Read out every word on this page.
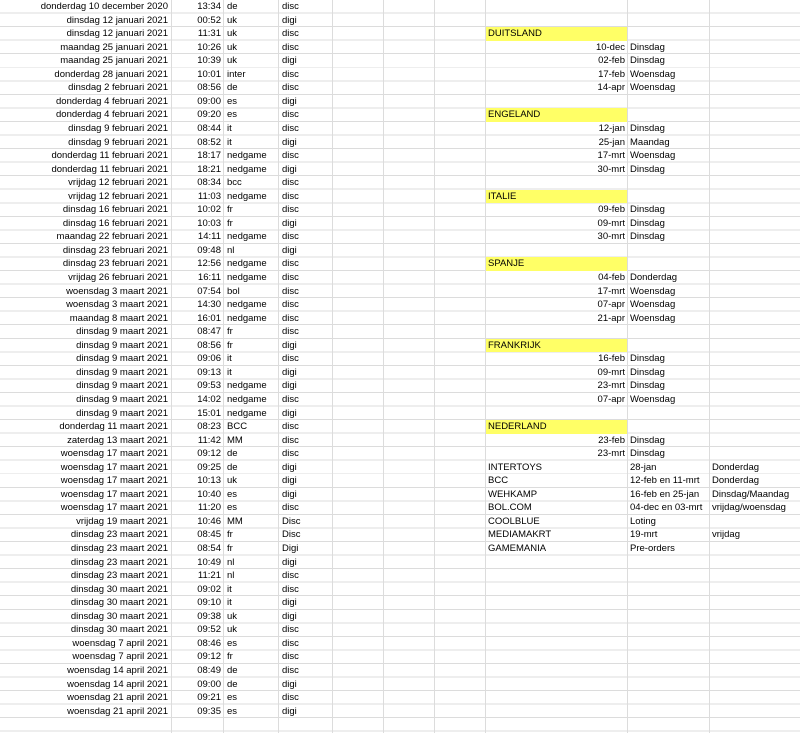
donderdag 10 december 2020	13:34 de	disc
dinsdag 12 januari 2021	00:52 uk	digi
dinsdag 12 januari 2021	11:31 uk	disc
maandag 25 januari 2021	10:26 uk	disc
maandag 25 januari 2021	10:39 uk	digi
donderdag 28 januari 2021	10:01 inter	disc
dinsdag 2 februari 2021	08:56 de	disc
donderdag 4 februari 2021	09:00 es	digi
donderdag 4 februari 2021	09:20 es	disc
dinsdag 9 februari 2021	08:44 it	disc
dinsdag 9 februari 2021	08:52 it	digi
donderdag 11 februari 2021	18:17 nedgame	disc
donderdag 11 februari 2021	18:21 nedgame	digi
vrijdag 12 februari 2021	08:34 bcc	disc
vrijdag 12 februari 2021	11:03 nedgame	disc
dinsdag 16 februari 2021	10:02 fr	disc
dinsdag 16 februari 2021	10:03 fr	digi
maandag 22 februari 2021	14:11 nedgame	disc
dinsdag 23 februari 2021	09:48 nl	digi
dinsdag 23 februari 2021	12:56 nedgame	disc
vrijdag 26 februari 2021	16:11 nedgame	disc
woensdag 3 maart 2021	07:54 bol	disc
woensdag 3 maart 2021	14:30 nedgame	disc
maandag 8 maart 2021	16:01 nedgame	disc
dinsdag 9 maart 2021	08:47 fr	disc
dinsdag 9 maart 2021	08:56 fr	digi
dinsdag 9 maart 2021	09:06 it	disc
dinsdag 9 maart 2021	09:13 it	digi
dinsdag 9 maart 2021	09:53 nedgame	digi
dinsdag 9 maart 2021	14:02 nedgame	disc
dinsdag 9 maart 2021	15:01 nedgame	digi
donderdag 11 maart 2021	08:23 BCC	disc
zaterdag 13 maart 2021	11:42 MM	disc
woensdag 17 maart 2021	09:12 de	disc
woensdag 17 maart 2021	09:25 de	digi
woensdag 17 maart 2021	10:13 uk	digi
woensdag 17 maart 2021	10:40 es	digi
woensdag 17 maart 2021	11:20 es	disc
vrijdag 19 maart 2021	10:46 MM	Disc
dinsdag 23 maart 2021	08:45 fr	Disc
dinsdag 23 maart 2021	08:54 fr	Digi
dinsdag 23 maart 2021	10:49 nl	digi
dinsdag 23 maart 2021	11:21 nl	disc
dinsdag 30 maart 2021	09:02 it	disc
dinsdag 30 maart 2021	09:10 it	digi
dinsdag 30 maart 2021	09:38 uk	digi
dinsdag 30 maart 2021	09:52 uk	disc
woensdag 7 april 2021	08:46 es	disc
woensdag 7 april 2021	09:12 fr	disc
woensdag 14 april 2021	08:49 de	disc
woensdag 14 april 2021	09:00 de	digi
woensdag 21 april 2021	09:21 es	disc
woensdag 21 april 2021	09:35 es	digi
DUITSLAND
10-dec Dinsdag
02-feb Dinsdag
17-feb Woensdag
14-apr Woensdag
ENGELAND
12-jan Dinsdag
25-jan Maandag
17-mrt Woensdag
30-mrt Dinsdag
ITALIE
09-feb Dinsdag
09-mrt Dinsdag
30-mrt Dinsdag
SPANJE
04-feb Donderdag
17-mrt Woensdag
07-apr Woensdag
21-apr Woensdag
FRANKRIJK
16-feb Dinsdag
09-mrt Dinsdag
23-mrt Dinsdag
07-apr Woensdag
NEDERLAND
23-feb Dinsdag
23-mrt Dinsdag
INTERTOYS	28-jan	Donderdag
BCC	12-feb en 11-mrt	Donderdag
WEHKAMP	16-feb en 25-jan	Dinsdag/Maandag
BOL.COM	04-dec en 03-mrt	vrijdag/woensdag
COOLBLUE	Loting
MEDIAMAKRT	19-mrt	vrijdag
GAMEMANIA	Pre-orders
